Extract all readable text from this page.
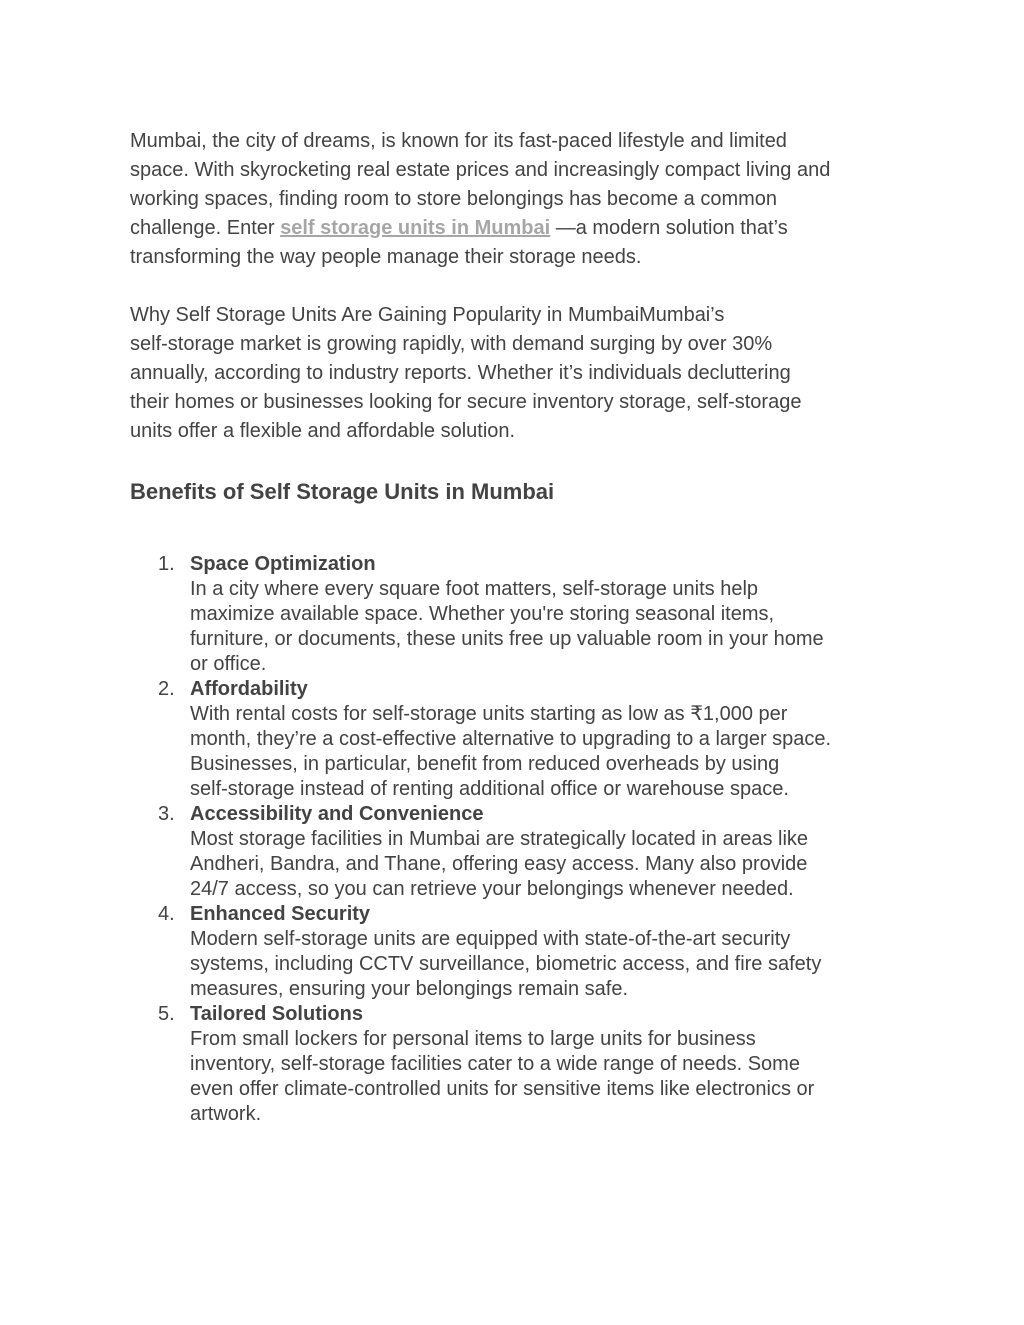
Mumbai, the city of dreams, is known for its fast-paced lifestyle and limited
space. With skyrocketing real estate prices and increasingly compact living and
working spaces, finding room to store belongings has become a common
challenge. Enter self storage units in Mumbai —a modern solution that’s
transforming the way people manage their storage needs.

Why Self Storage Units Are Gaining Popularity in MumbaiMumbai’s
self-storage market is growing rapidly, with demand surging by over 30%
annually, according to industry reports. Whether it’s individuals decluttering
their homes or businesses looking for secure inventory storage, self-storage
units offer a flexible and affordable solution.

Benefits of Self Storage Units in Mumbai
1. Space Optimization
In a city where every square foot matters, self-storage units help
maximize available space. Whether you're storing seasonal items,
furniture, or documents, these units free up valuable room in your home
or office.
2. Affordability
With rental costs for self-storage units starting as low as ₹1,000 per
month, they’re a cost-effective alternative to upgrading to a larger space.
Businesses, in particular, benefit from reduced overheads by using
self-storage instead of renting additional office or warehouse space.
3. Accessibility and Convenience
Most storage facilities in Mumbai are strategically located in areas like
Andheri, Bandra, and Thane, offering easy access. Many also provide
24/7 access, so you can retrieve your belongings whenever needed.
4. Enhanced Security
Modern self-storage units are equipped with state-of-the-art security
systems, including CCTV surveillance, biometric access, and fire safety
measures, ensuring your belongings remain safe.
5. Tailored Solutions
From small lockers for personal items to large units for business
inventory, self-storage facilities cater to a wide range of needs. Some
even offer climate-controlled units for sensitive items like electronics or
artwork.
